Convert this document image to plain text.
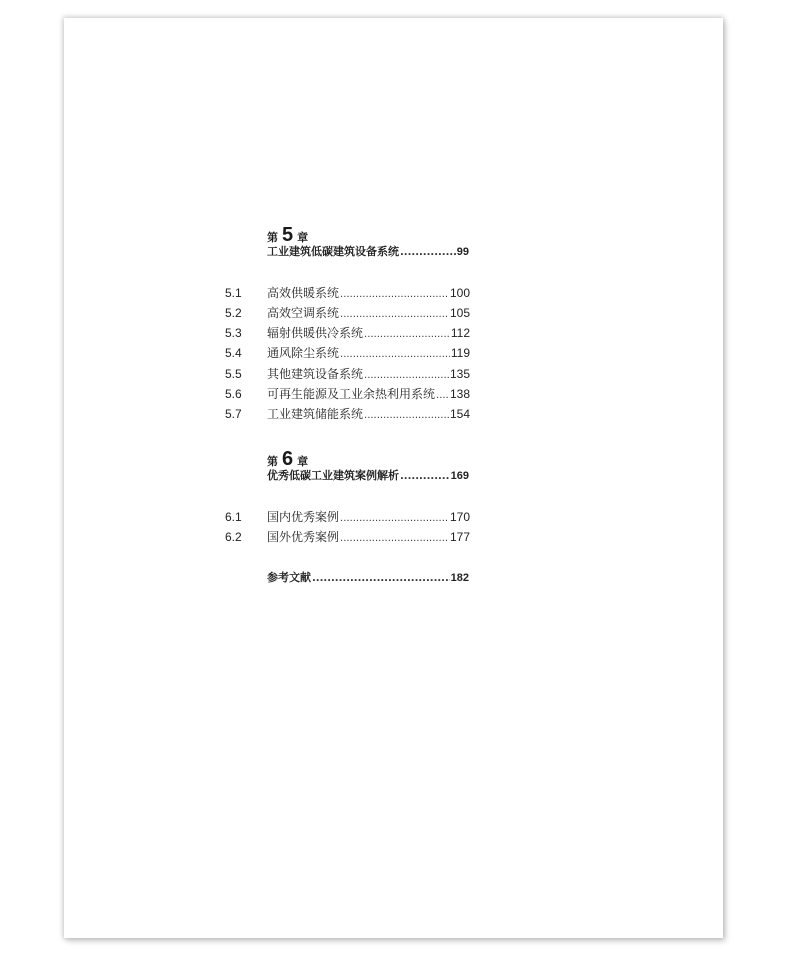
第 5 章
工业建筑低碳建筑设备系统 .....	99
5.1	高效供暖系统 .....	100
5.2	高效空调系统 .....	105
5.3	辐射供暖供冷系统 .....	112
5.4	通风除尘系统 .....	119
5.5	其他建筑设备系统 .....	135
5.6	可再生能源及工业余热利用系统 ..... 138
5.7	工业建筑储能系统 .....	154
第 6 章
优秀低碳工业建筑案例解析 .....	169
6.1	国内优秀案例 .....	170
6.2	国外优秀案例 .....	177
参考文献 .....	182
